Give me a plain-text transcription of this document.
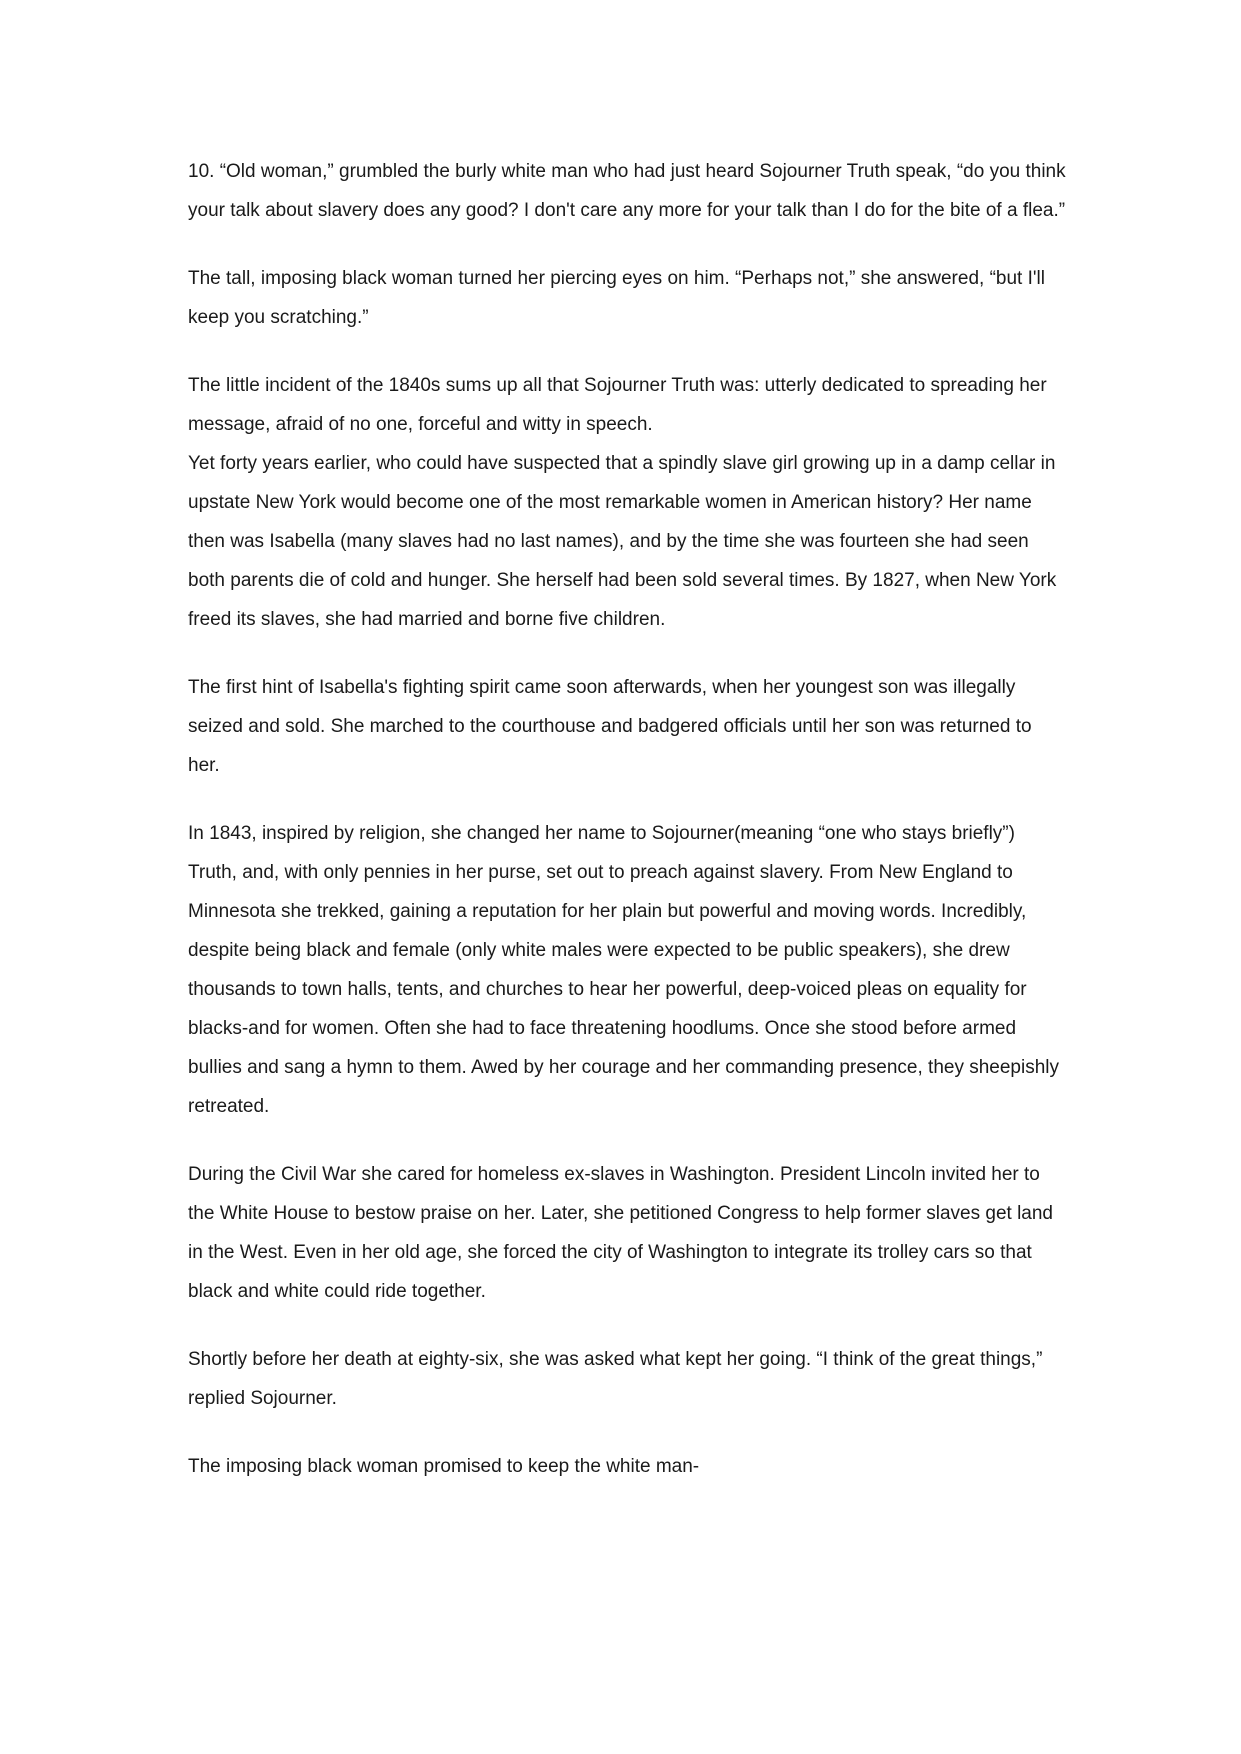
10. “Old woman,” grumbled the burly white man who had just heard Sojourner Truth speak, “do you think your talk about slavery does any good? I don't care any more for your talk than I do for the bite of a flea.”

The tall, imposing black woman turned her piercing eyes on him. “Perhaps not,” she answered, “but I'll keep you scratching.”

The little incident of the 1840s sums up all that Sojourner Truth was: utterly dedicated to spreading her message, afraid of no one, forceful and witty in speech.

Yet forty years earlier, who could have suspected that a spindly slave girl growing up in a damp cellar in upstate New York would become one of the most remarkable women in American history? Her name then was Isabella (many slaves had no last names), and by the time she was fourteen she had seen both parents die of cold and hunger. She herself had been sold several times. By 1827, when New York freed its slaves, she had married and borne five children.

The first hint of Isabella's fighting spirit came soon afterwards, when her youngest son was illegally seized and sold. She marched to the courthouse and badgered officials until her son was returned to her.

In 1843, inspired by religion, she changed her name to Sojourner(meaning “one who stays briefly”) Truth, and, with only pennies in her purse, set out to preach against slavery. From New England to Minnesota she trekked, gaining a reputation for her plain but powerful and moving words. Incredibly, despite being black and female (only white males were expected to be public speakers), she drew thousands to town halls, tents, and churches to hear her powerful, deep-voiced pleas on equality for blacks-and for women. Often she had to face threatening hoodlums. Once she stood before armed bullies and sang a hymn to them. Awed by her courage and her commanding presence, they sheepishly retreated.

During the Civil War she cared for homeless ex-slaves in Washington. President Lincoln invited her to the White House to bestow praise on her. Later, she petitioned Congress to help former slaves get land in the West. Even in her old age, she forced the city of Washington to integrate its trolley cars so that black and white could ride together.

Shortly before her death at eighty-six, she was asked what kept her going. “I think of the great things,” replied Sojourner.

The imposing black woman promised to keep the white man-
